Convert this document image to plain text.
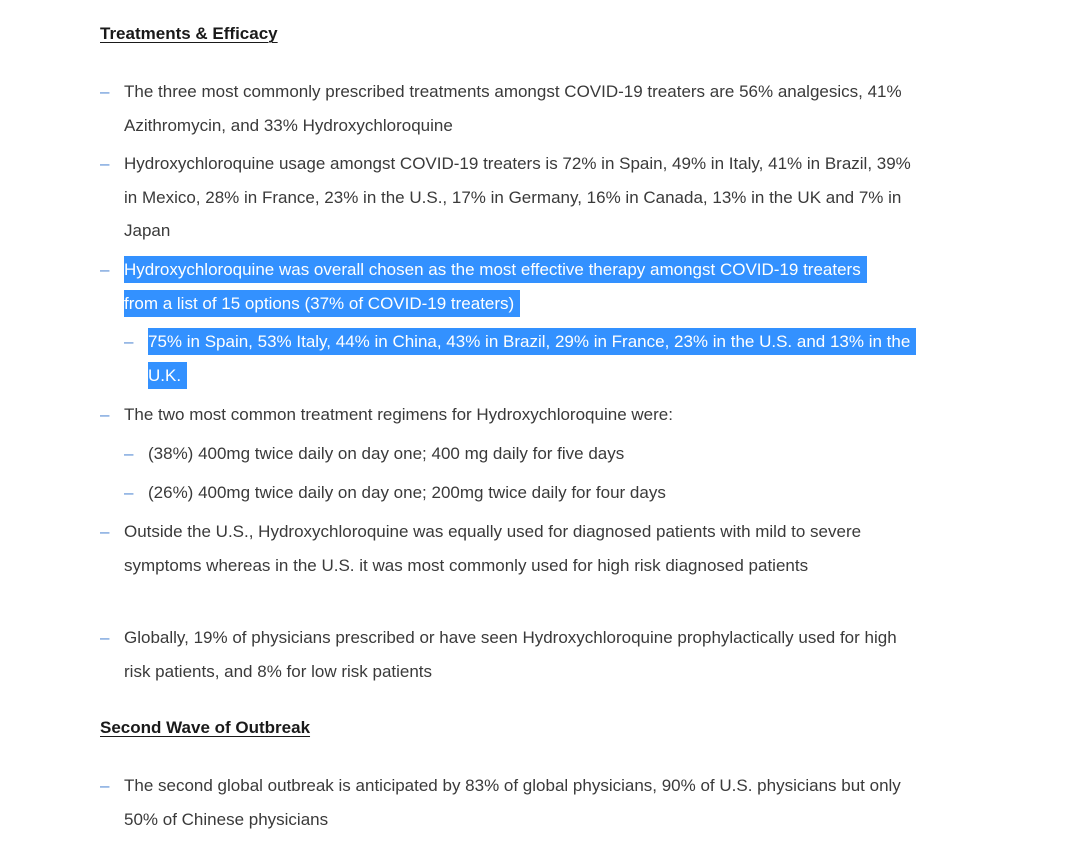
Treatments & Efficacy
– The three most commonly prescribed treatments amongst COVID-19 treaters are 56% analgesics, 41% Azithromycin, and 33% Hydroxychloroquine
– Hydroxychloroquine usage amongst COVID-19 treaters is 72% in Spain, 49% in Italy, 41% in Brazil, 39% in Mexico, 28% in France, 23% in the U.S., 17% in Germany, 16% in Canada, 13% in the UK and 7% in Japan
– Hydroxychloroquine was overall chosen as the most effective therapy amongst COVID-19 treaters from a list of 15 options (37% of COVID-19 treaters)
– 75% in Spain, 53% Italy, 44% in China, 43% in Brazil, 29% in France, 23% in the U.S. and 13% in the U.K.
– The two most common treatment regimens for Hydroxychloroquine were:
– (38%) 400mg twice daily on day one; 400 mg daily for five days
– (26%) 400mg twice daily on day one; 200mg twice daily for four days
– Outside the U.S., Hydroxychloroquine was equally used for diagnosed patients with mild to severe symptoms whereas in the U.S. it was most commonly used for high risk diagnosed patients
– Globally, 19% of physicians prescribed or have seen Hydroxychloroquine prophylactically used for high risk patients, and 8% for low risk patients
Second Wave of Outbreak
– The second global outbreak is anticipated by 83% of global physicians, 90% of U.S. physicians but only 50% of Chinese physicians
